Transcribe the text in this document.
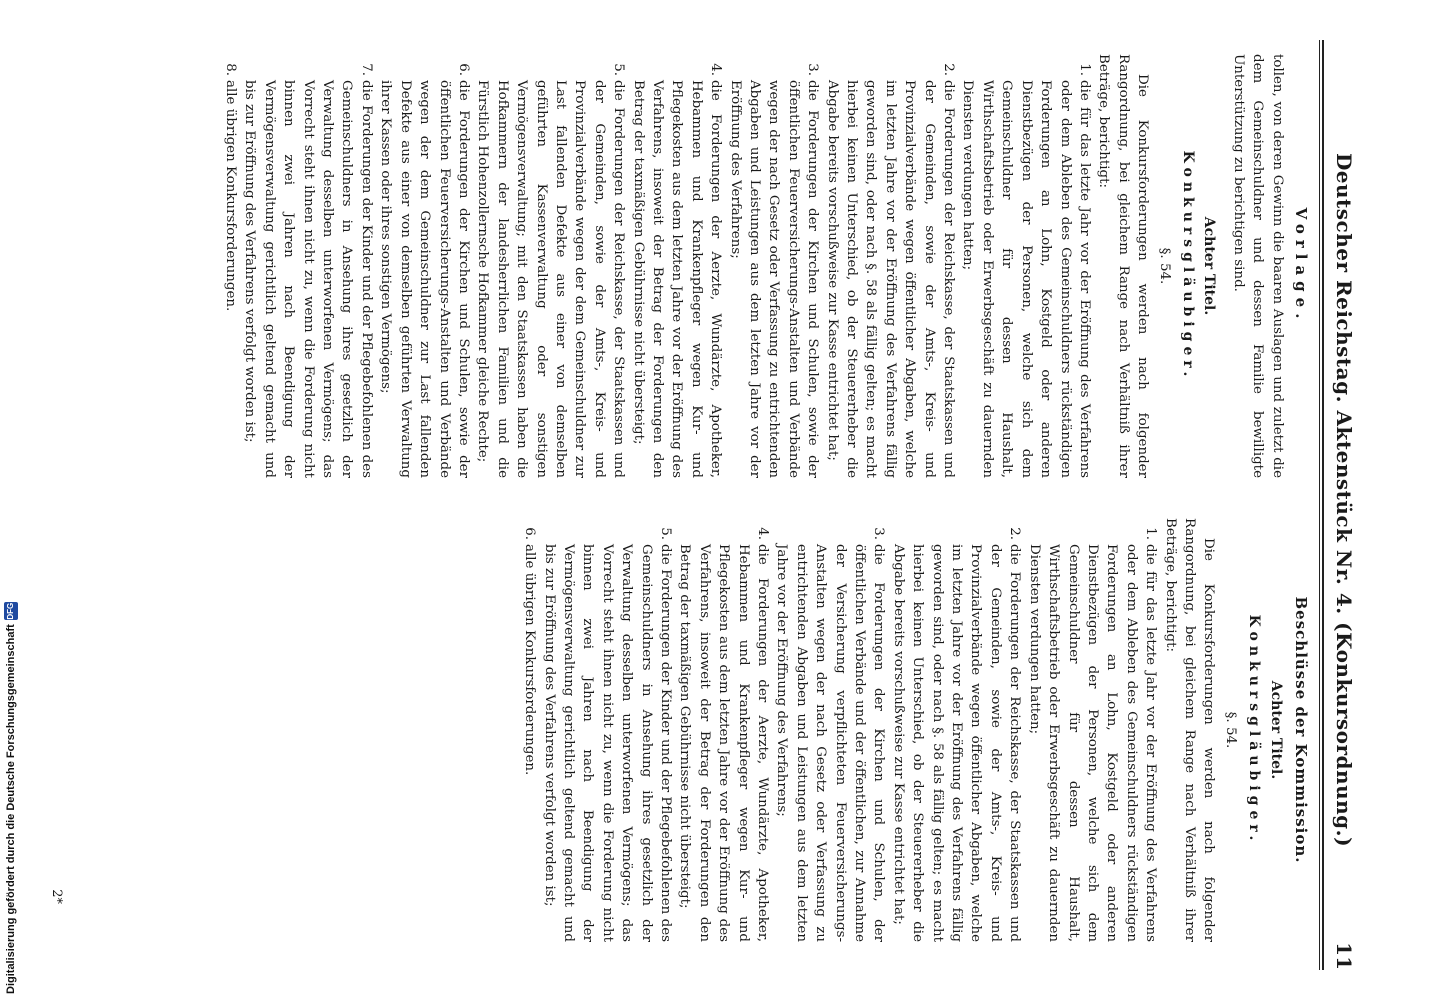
Deutscher Reichstag. Aktenstück Nr. 4. (Konkursordnung.)
11
Vorlage.

tollen, von deren Gewinn die baaren Auslagen und zuletzt die dem Gemeinschuldner und dessen Familie bewilligte Unterstützung zu berichtigen sind.

Achter Titel.
Konkursgläubiger.
§. 54.

Die Konkursforderungen werden nach folgender Rangordnung, bei gleichem Range nach Verhältniß ihrer Beträge, berichtigt:

1.
die für das letzte Jahr vor der Eröffnung des Verfahrens oder dem Ableben des Gemeinschuldners rückständigen Forderungen an Lohn, Kostgeld oder anderen Dienstbezügen der Personen, welche sich dem Gemeinschuldner für dessen Haushalt, Wirthschaftsbetrieb oder Erwerbsgeschäft zu dauernden Diensten verdungen hatten;
2.
die Forderungen der Reichskasse, der Staatskassen und der Gemeinden, sowie der Amts-, Kreis- und Provinzialverbände wegen öffentlicher Abgaben, welche im letzten Jahre vor der Eröffnung des Verfahrens fällig geworden sind, oder nach §. 58 als fällig gelten; es macht hierbei keinen Unterschied, ob der Steuererheber die Abgabe bereits vorschußweise zur Kasse entrichtet hat;
3.
die Forderungen der Kirchen und Schulen, sowie der öffentlichen Feuerversicherungs-Anstalten und Verbände wegen der nach Gesetz oder Verfassung zu entrichtenden Abgaben und Leistungen aus dem letzten Jahre vor der Eröffnung des Verfahrens;
4.
die Forderungen der Aerzte, Wundärzte, Apotheker, Hebammen und Krankenpfleger wegen Kur- und Pflegekosten aus dem letzten Jahre vor der Eröffnung des Verfahrens, insoweit der Betrag der Forderungen den Betrag der taxmäßigen Gebührnisse nicht übersteigt;
5.
die Forderungen der Reichskasse, der Staatskassen und der Gemeinden, sowie der Amts-, Kreis- und Provinzialverbände wegen der dem Gemeinschuldner zur Last fallenden Defekte aus einer von demselben geführten Kassenverwaltung oder sonstigen Vermögensverwaltung; mit den Staatskassen haben die Hofkammern der landesherrlichen Familien und die Fürstlich Hohenzollernsche Hofkammer gleiche Rechte;
6.
die Forderungen der Kirchen und Schulen, sowie der öffentlichen Feuerversicherungs-Anstalten und Verbände wegen der dem Gemeinschuldner zur Last fallenden Defekte aus einer von demselben geführten Verwaltung ihrer Kassen oder ihres sonstigen Vermögens;
7.
die Forderungen der Kinder und der Pflegebefohlenen des Gemeinschuldners in Ansehung ihres gesetzlich der Verwaltung desselben unterworfenen Vermögens; das Vorrecht steht ihnen nicht zu, wenn die Forderung nicht binnen zwei Jahren nach Beendigung der Vermögensverwaltung gerichtlich geltend gemacht und bis zur Eröffnung des Verfahrens verfolgt worden ist;
8.
alle übrigen Konkursforderungen.
Beschlüsse der Kommission.
Achter Titel.
Konkursgläubiger.
§. 54.

Die Konkursforderungen werden nach folgender Rangordnung, bei gleichem Range nach Verhältniß ihrer Beträge, berichtigt:

1.
die für das letzte Jahr vor der Eröffnung des Verfahrens oder dem Ableben des Gemeinschuldners rückständigen Forderungen an Lohn, Kostgeld oder anderen Dienstbezügen der Personen, welche sich dem Gemeinschuldner für dessen Haushalt, Wirthschaftsbetrieb oder Erwerbsgeschäft zu dauernden Diensten verdungen hatten;
2.
die Forderungen der Reichskasse, der Staatskassen und der Gemeinden, sowie der Amts-, Kreis- und Provinzialverbände wegen öffentlicher Abgaben, welche im letzten Jahre vor der Eröffnung des Verfahrens fällig geworden sind, oder nach §. 58 als fällig gelten; es macht hierbei keinen Unterschied, ob der Steuererheber die Abgabe bereits vorschußweise zur Kasse entrichtet hat;
3.
die Forderungen der Kirchen und Schulen, der öffentlichen Verbände und der öffentlichen, zur Annahme der Versicherung verpflichteten Feuerversicherungs-Anstalten wegen der nach Gesetz oder Verfassung zu entrichtenden Abgaben und Leistungen aus dem letzten Jahre vor der Eröffnung des Verfahrens;
4.
die Forderungen der Aerzte, Wundärzte, Apotheker, Hebammen und Krankenpfleger wegen Kur- und Pflegekosten aus dem letzten Jahre vor der Eröffnung des Verfahrens, insoweit der Betrag der Forderungen den Betrag der taxmäßigen Gebührnisse nicht übersteigt;
5.
die Forderungen der Kinder und der Pflegebefohlenen des Gemeinschuldners in Ansehung ihres gesetzlich der Verwaltung desselben unterworfenen Vermögens; das Vorrecht steht ihnen nicht zu, wenn die Forderung nicht binnen zwei Jahren nach Beendigung der Vermögensverwaltung gerichtlich geltend gemacht und bis zur Eröffnung des Verfahrens verfolgt worden ist;
6.
alle übrigen Konkursforderungen.
2*
Digitalisierung gefördert durch die Deutsche Forschungsgemeinschaft
DFG
